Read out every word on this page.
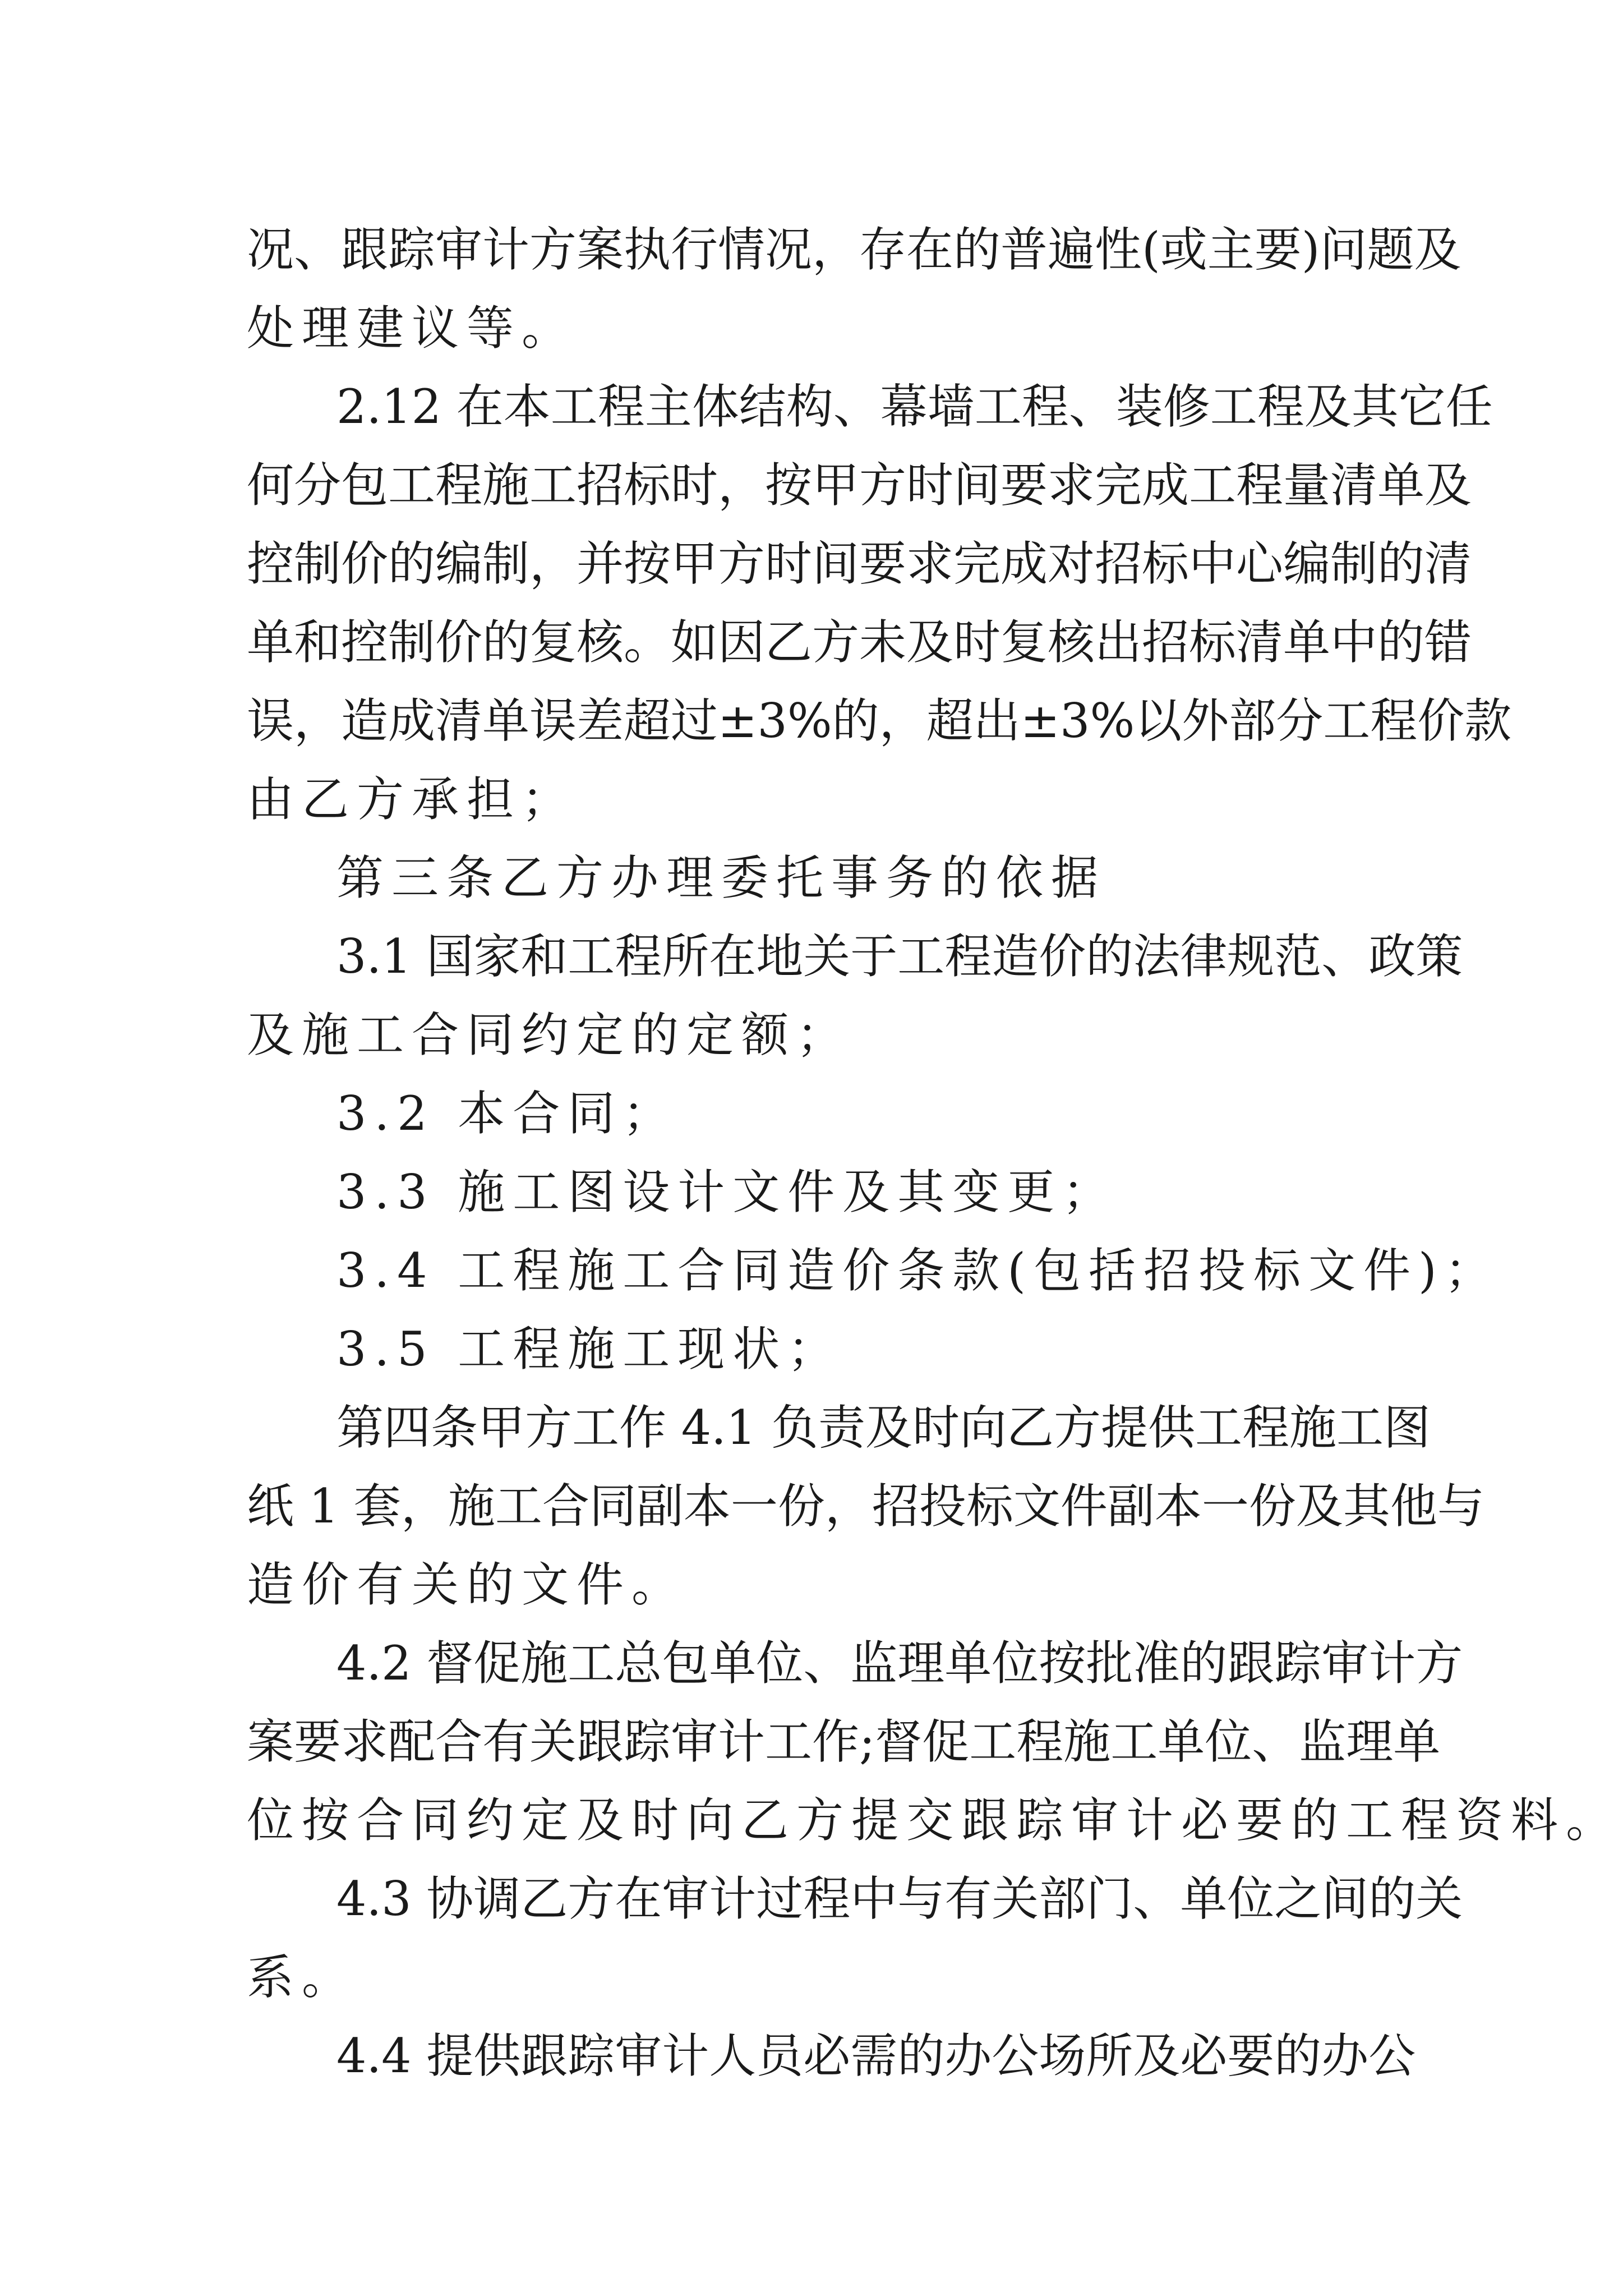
况、跟踪审计方案执行情况，存在的普遍性(或主要)问题及
处理建议等。
2.12 在本工程主体结构、幕墙工程、装修工程及其它任
何分包工程施工招标时，按甲方时间要求完成工程量清单及
控制价的编制，并按甲方时间要求完成对招标中心编制的清
单和控制价的复核。如因乙方未及时复核出招标清单中的错
误，造成清单误差超过±3%的，超出±3%以外部分工程价款
由乙方承担；
第三条乙方办理委托事务的依据
3.1 国家和工程所在地关于工程造价的法律规范、政策
及施工合同约定的定额；
3.2 本合同；
3.3 施工图设计文件及其变更；
3.4 工程施工合同造价条款(包括招投标文件)；
3.5 工程施工现状；
第四条甲方工作 4.1 负责及时向乙方提供工程施工图
纸 1 套，施工合同副本一份，招投标文件副本一份及其他与
造价有关的文件。
4.2 督促施工总包单位、监理单位按批准的跟踪审计方
案要求配合有关跟踪审计工作;督促工程施工单位、监理单
位按合同约定及时向乙方提交跟踪审计必要的工程资料。
4.3 协调乙方在审计过程中与有关部门、单位之间的关
系。
4.4 提供跟踪审计人员必需的办公场所及必要的办公
